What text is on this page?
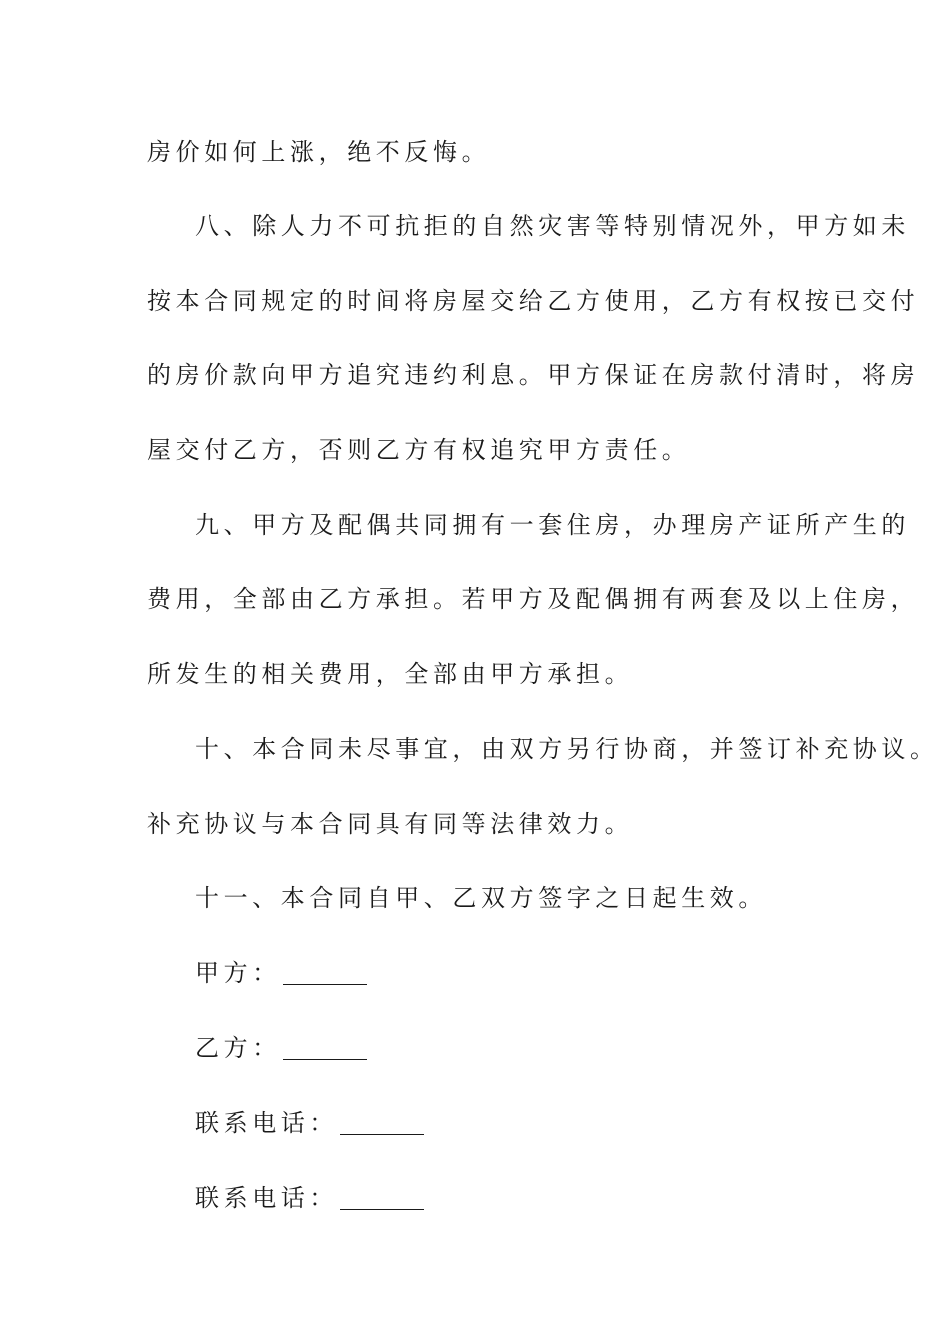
房价如何上涨，绝不反悔。
八、除人力不可抗拒的自然灾害等特别情况外，甲方如未
按本合同规定的时间将房屋交给乙方使用，乙方有权按已交付
的房价款向甲方追究违约利息。甲方保证在房款付清时，将房
屋交付乙方，否则乙方有权追究甲方责任。
九、甲方及配偶共同拥有一套住房，办理房产证所产生的
费用，全部由乙方承担。若甲方及配偶拥有两套及以上住房，
所发生的相关费用，全部由甲方承担。
十、本合同未尽事宜，由双方另行协商，并签订补充协议。
补充协议与本合同具有同等法律效力。
十一、本合同自甲、乙双方签字之日起生效。
甲方：
乙方：
联系电话：
联系电话：
